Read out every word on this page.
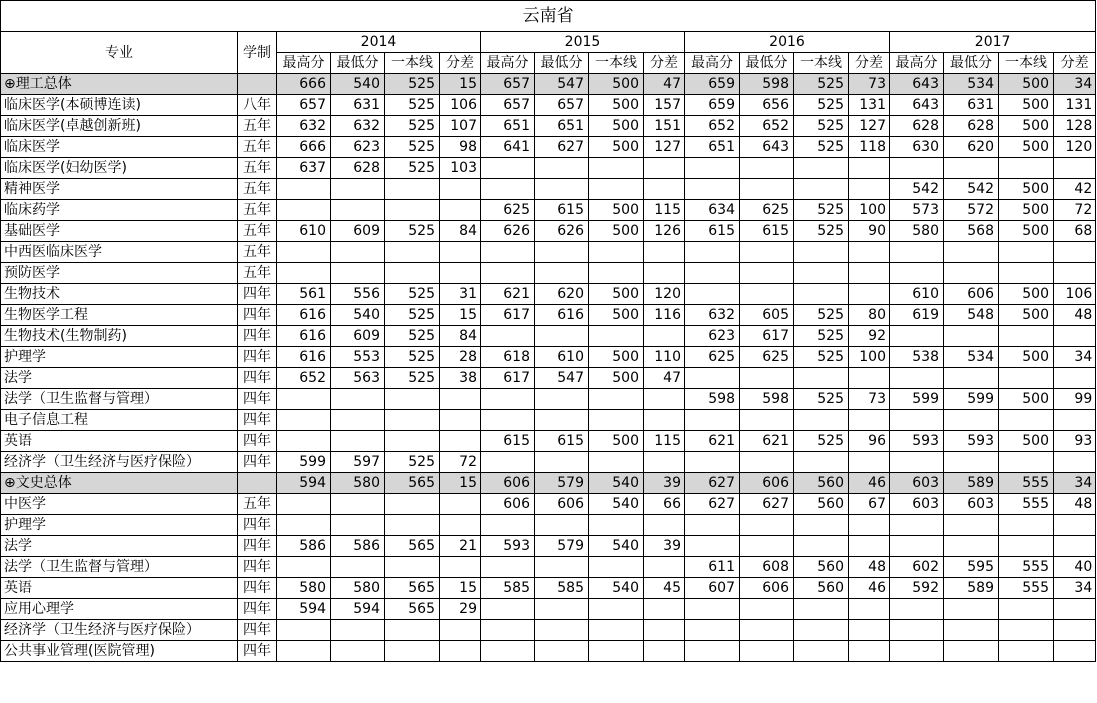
云南省																	
专业	学制	2014				2015				2016				2017			
		最高分	最低分	一本线	分差	最高分	最低分	一本线	分差	最高分	最低分	一本线	分差	最高分	最低分	一本线	分差
⊕理工总体		666	540	525	15	657	547	500	47	659	598	525	73	643	534	500	34
临床医学(本硕博连读)	八年	657	631	525	106	657	657	500	157	659	656	525	131	643	631	500	131
临床医学(卓越创新班)	五年	632	632	525	107	651	651	500	151	652	652	525	127	628	628	500	128
临床医学	五年	666	623	525	98	641	627	500	127	651	643	525	118	630	620	500	120
临床医学(妇幼医学)	五年	637	628	525	103												
精神医学	五年													542	542	500	42
临床药学	五年					625	615	500	115	634	625	525	100	573	572	500	72
基础医学	五年	610	609	525	84	626	626	500	126	615	615	525	90	580	568	500	68
中西医临床医学	五年																
预防医学	五年																
生物技术	四年	561	556	525	31	621	620	500	120					610	606	500	106
生物医学工程	四年	616	540	525	15	617	616	500	116	632	605	525	80	619	548	500	48
生物技术(生物制药)	四年	616	609	525	84					623	617	525	92				
护理学	四年	616	553	525	28	618	610	500	110	625	625	525	100	538	534	500	34
法学	四年	652	563	525	38	617	547	500	47								
法学（卫生监督与管理）	四年									598	598	525	73	599	599	500	99
电子信息工程	四年																
英语	四年					615	615	500	115	621	621	525	96	593	593	500	93
经济学（卫生经济与医疗保险）	四年	599	597	525	72												
⊕文史总体		594	580	565	15	606	579	540	39	627	606	560	46	603	589	555	34
中医学	五年					606	606	540	66	627	627	560	67	603	603	555	48
护理学	四年																
法学	四年	586	586	565	21	593	579	540	39								
法学（卫生监督与管理）	四年									611	608	560	48	602	595	555	40
英语	四年	580	580	565	15	585	585	540	45	607	606	560	46	592	589	555	34
应用心理学	四年	594	594	565	29												
经济学（卫生经济与医疗保险）	四年																
公共事业管理(医院管理)	四年																
